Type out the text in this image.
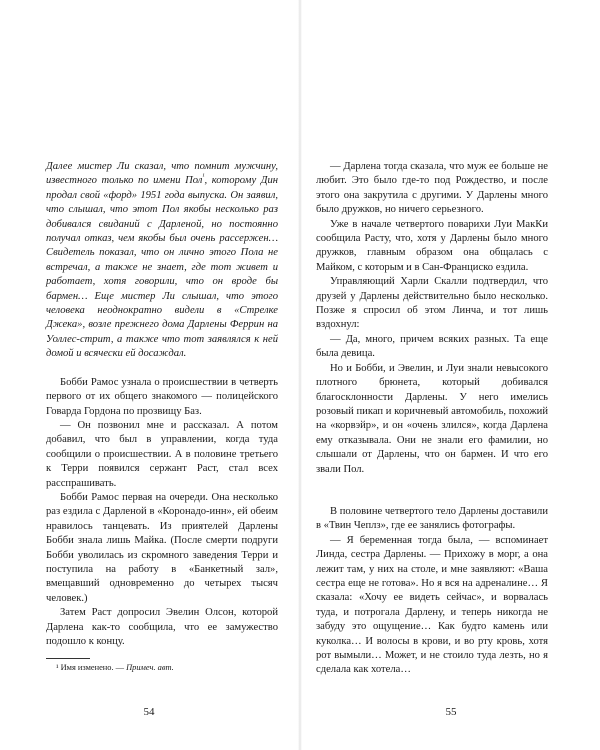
Далее мистер Ли сказал, что помнит мужчину, известного только по имени Пол$^{^1}$, которому Дин продал свой «форд» 1951 года выпуска. Он заявил, что слышал, что этот Пол якобы несколько раз добивался свиданий с Дарленой, но постоянно получал отказ, чем якобы был очень рассержен… Свидетель показал, что он лично этого Пола не встречал, а также не знает, где тот живет и работает, хотя говорили, что он вроде бы бармен… Еще мистер Ли слышал, что этого человека неоднократно видели в «Стрелке Джека», возле прежнего дома Дарлены Феррин на Уоллес-стрит, а также что тот заявлялся к ней домой и всячески ей досаждал.

Бобби Рамос узнала о происшествии в четверть первого от их общего знакомого — полицейского Говарда Гордона по прозвищу Баз.

— Он позвонил мне и рассказал. А потом добавил, что был в управлении, когда туда сообщили о происшествии. А в половине третьего к Терри появился сержант Раст, стал всех расспрашивать.

Бобби Рамос первая на очереди. Она несколько раз ездила с Дарленой в «Коронадо-инн», ей обеим нравилось танцевать. Из приятелей Дарлены Бобби знала лишь Майка. (После смерти подруги Бобби уволилась из скромного заведения Терри и поступила на работу в «Банкетный зал», вмещавший одновременно до четырех тысяч человек.)

Затем Раст допросил Эвелин Олсон, которой Дарлена как-то сообщила, что ее замужество подошло к концу.

¹ Имя изменено. — Примеч. авт.

54

— Дарлена тогда сказала, что муж ее больше не любит. Это было где-то под Рождество, и после этого она закрутила с другими. У Дарлены много было дружков, но ничего серьезного.

Уже в начале четвертого поварихи Луи МакКи сообщила Расту, что, хотя у Дарлены было много дружков, главным образом она общалась с Майком, с которым и в Сан-Франциско ездила.

Управляющий Харли Скалли подтвердил, что друзей у Дарлены действительно было несколько. Позже я спросил об этом Линча, и тот лишь вздохнул:

— Да, много, причем всяких разных. Та еще была девица.

Но и Бобби, и Эвелин, и Луи знали невысокого плотного брюнета, который добивался благосклонности Дарлены. У него имелись розовый пикап и коричневый автомобиль, похожий на «корвэйр», и он «очень злился», когда Дарлена ему отказывала. Они не знали его фамилии, но слышали от Дарлены, что он бармен. И что его звали Пол.

В половине четвертого тело Дарлены доставили в «Твин Чеплз», где ее занялись фотографы.

— Я беременная тогда была, — вспоминает Линда, сестра Дарлены. — Прихожу в морг, а она лежит там, у них на столе, и мне заявляют: «Ваша сестра еще не готова». Но я вся на адреналине… Я сказала: «Хочу ее видеть сейчас», и ворвалась туда, и потрогала Дарлену, и теперь никогда не забуду это ощущение… Как будто камень или куколка… И волосы в крови, и во рту кровь, хотя рот вымыли… Может, и не стоило туда лезть, но я сделала как хотела…

55
